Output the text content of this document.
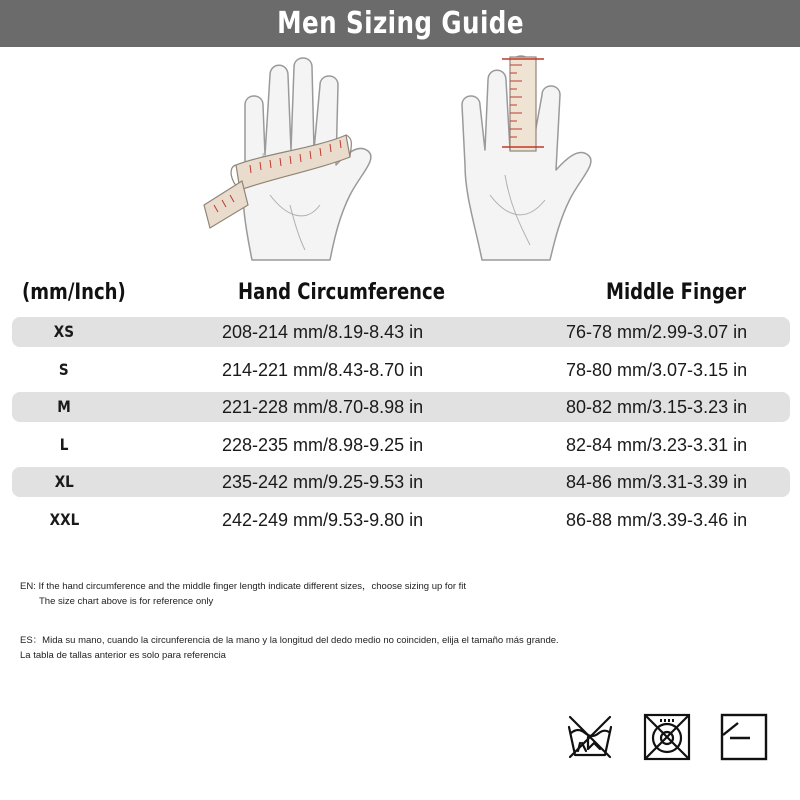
Men Sizing Guide
(mm/Inch)	Hand Circumference	Middle Finger
XS	208-214 mm/8.19-8.43 in	76-78 mm/2.99-3.07 in
S	214-221 mm/8.43-8.70 in	78-80 mm/3.07-3.15 in
M	221-228 mm/8.70-8.98 in	80-82 mm/3.15-3.23 in
L	228-235 mm/8.98-9.25 in	82-84 mm/3.23-3.31 in
XL	235-242 mm/9.25-9.53 in	84-86 mm/3.31-3.39 in
XXL	242-249 mm/9.53-9.80 in	86-88 mm/3.39-3.46 in
EN: If the hand circumference and the middle finger length indicate different sizes，choose sizing up for fit
The size chart above is for reference only
ES：Mida su mano, cuando la circunferencia de la mano y la longitud del dedo medio no coinciden, elija el tamaño más grande.
La tabla de tallas anterior es solo para referencia
